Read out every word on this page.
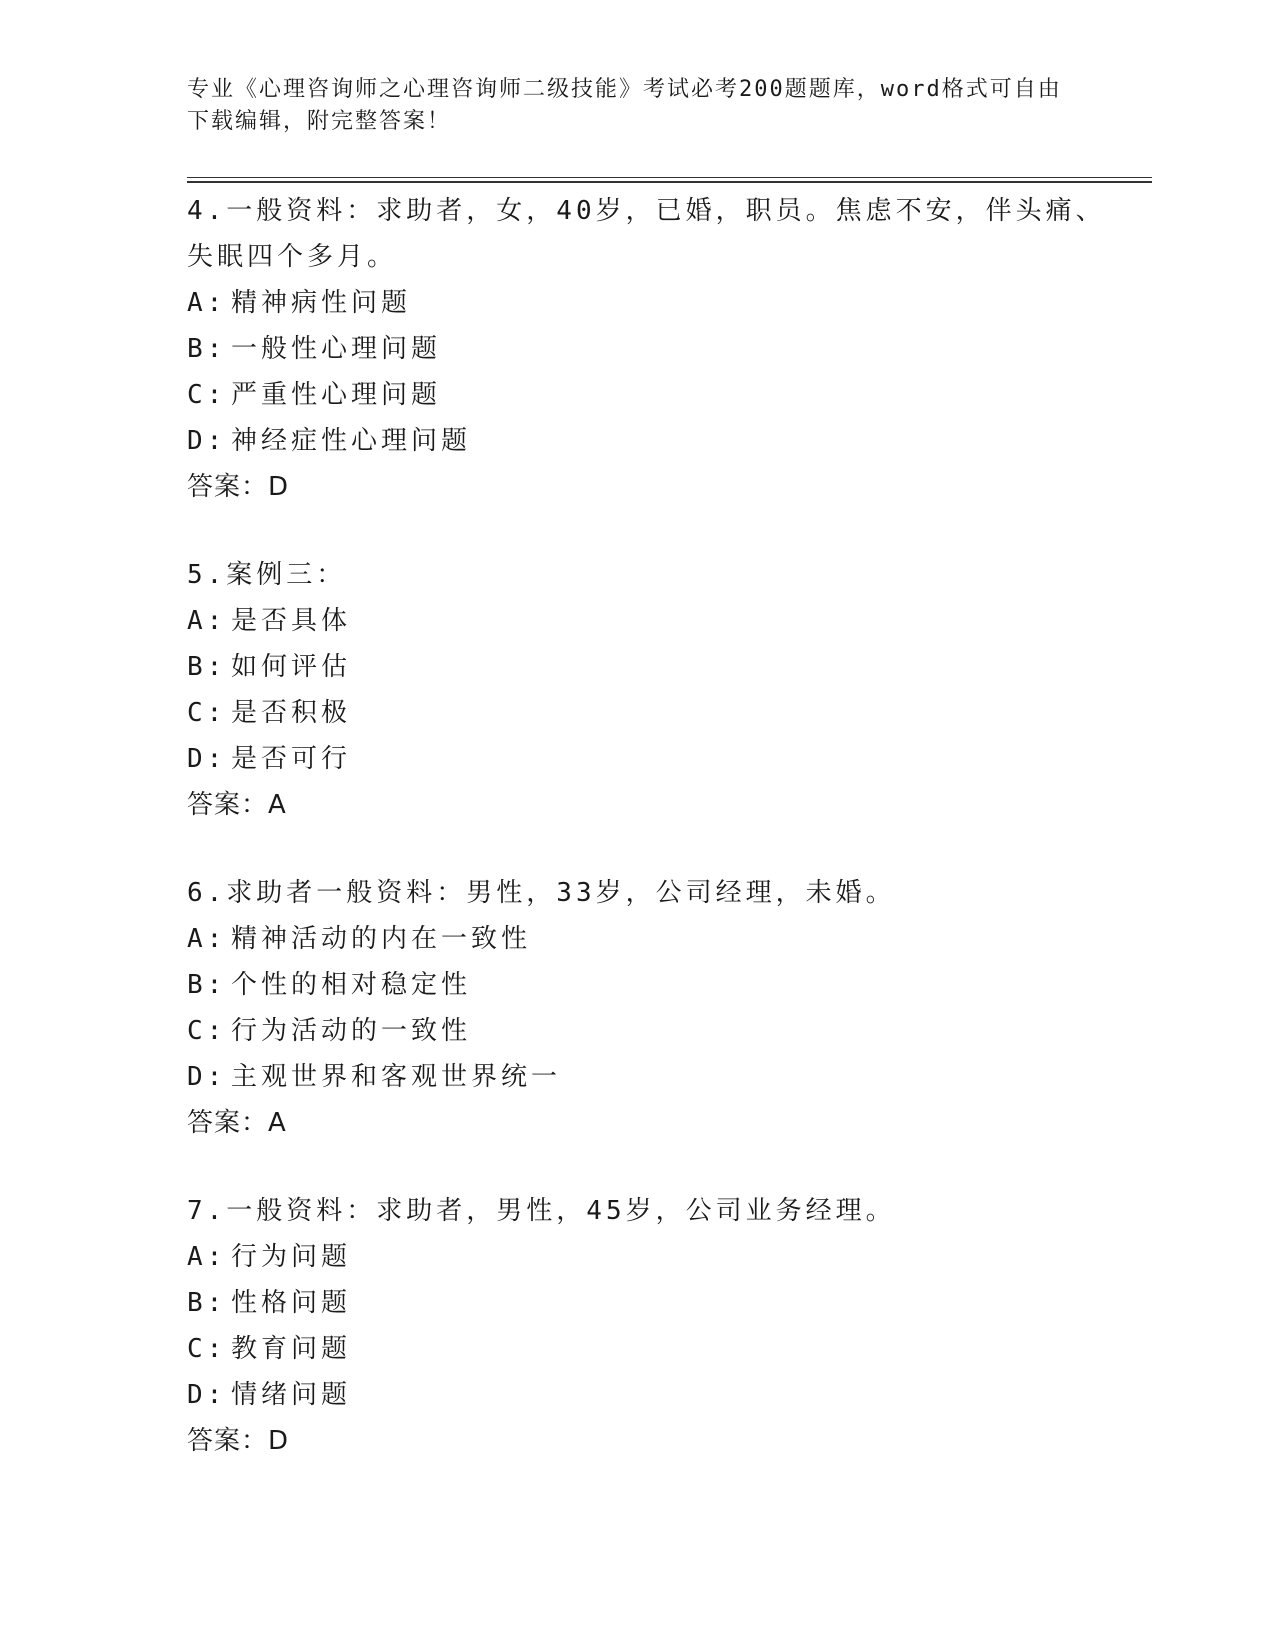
专业《心理咨询师之心理咨询师二级技能》考试必考200题题库，word格式可自由下载编辑，附完整答案！

4.一般资料：求助者，女，40岁，已婚，职员。焦虑不安，伴头痛、失眠四个多月。

A: 精神病性问题

B: 一般性心理问题

C: 严重性心理问题

D: 神经症性心理问题

答案：D

5.案例三：

A: 是否具体

B: 如何评估

C: 是否积极

D: 是否可行

答案：A

6.求助者一般资料：男性，33岁，公司经理，未婚。

A: 精神活动的内在一致性

B: 个性的相对稳定性

C: 行为活动的一致性

D: 主观世界和客观世界统一

答案：A

7.一般资料：求助者，男性，45岁，公司业务经理。

A: 行为问题

B: 性格问题

C: 教育问题

D: 情绪问题

答案：D
